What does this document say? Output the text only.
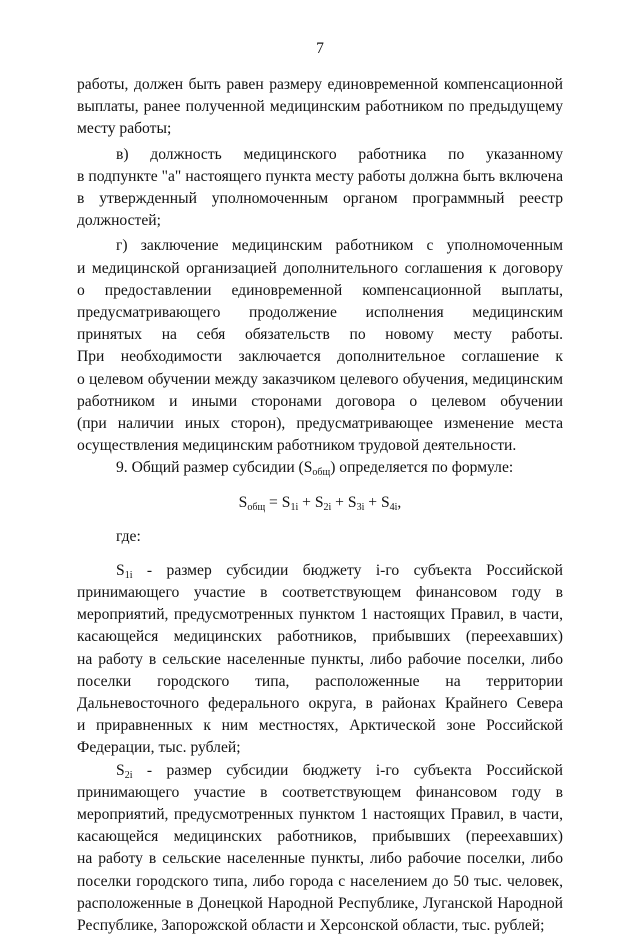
7
работы, должен быть равен размеру единовременной компенсационной
выплаты, ранее полученной медицинским работником по предыдущему
месту работы;
в) должность медицинского работника по указанному
в подпункте "а" настоящего пункта месту работы должна быть включена
в утвержденный уполномоченным органом программный реестр
должностей;
г) заключение медицинским работником с уполномоченным
и медицинской организацией дополнительного соглашения к договору
о предоставлении единовременной компенсационной выплаты,
предусматривающего продолжение исполнения медицинским
принятых на себя обязательств по новому месту работы.
При необходимости заключается дополнительное соглашение к
о целевом обучении между заказчиком целевого обучения, медицинским
работником и иными сторонами договора о целевом обучении
(при наличии иных сторон), предусматривающее изменение места
осуществления медицинским работником трудовой деятельности.
9. Общий размер субсидии $(S_{общ})$ определяется по формуле:
где:
$S_{1i}$ - размер субсидии бюджету i-го субъекта Российской
принимающего участие в соответствующем финансовом году в
мероприятий, предусмотренных пунктом 1 настоящих Правил, в части,
касающейся медицинских работников, прибывших (переехавших)
на работу в сельские населенные пункты, либо рабочие поселки, либо
поселки городского типа, расположенные на территории
Дальневосточного федерального округа, в районах Крайнего Севера
и приравненных к ним местностях, Арктической зоне Российской
Федерации, тыс. рублей;
$S_{2i}$ - размер субсидии бюджету i-го субъекта Российской
принимающего участие в соответствующем финансовом году в
мероприятий, предусмотренных пунктом 1 настоящих Правил, в части,
касающейся медицинских работников, прибывших (переехавших)
на работу в сельские населенные пункты, либо рабочие поселки, либо
поселки городского типа, либо города с населением до 50 тыс. человек,
расположенные в Донецкой Народной Республике, Луганской Народной
Республике, Запорожской области и Херсонской области, тыс. рублей;
$S_{общ} = S_{1i} + S_{2i} + S_{3i} + S_{4i}$,
